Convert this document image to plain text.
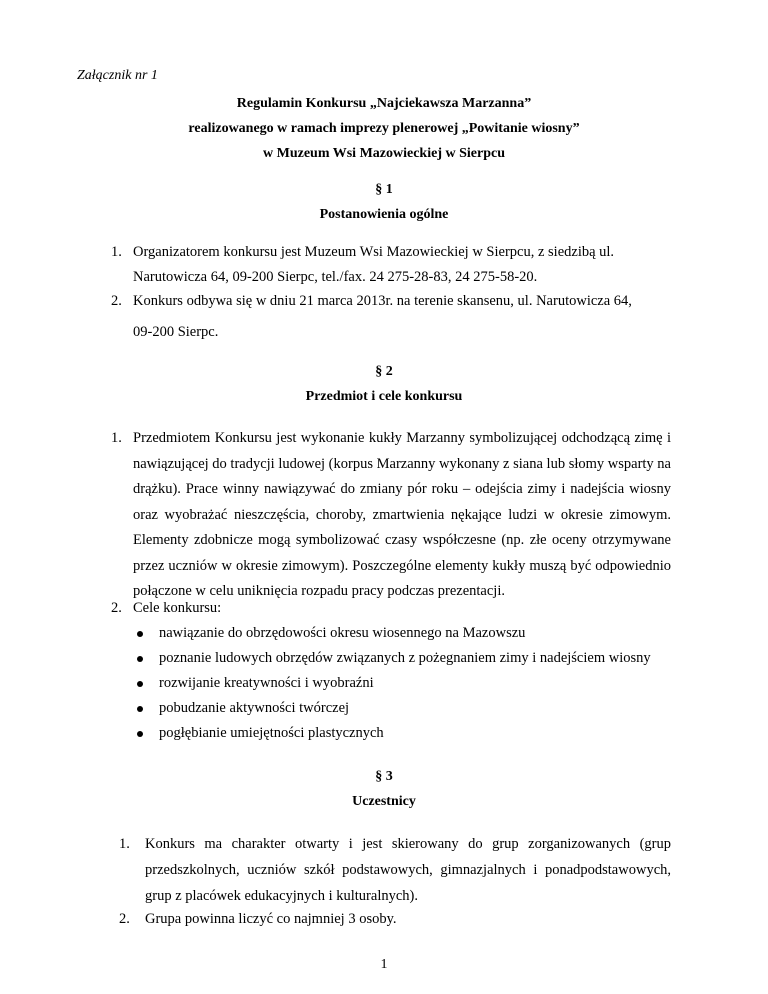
Załącznik nr 1
Regulamin Konkursu „Najciekawsza Marzanna”
realizowanego w ramach imprezy plenerowej „Powitanie wiosny”
w Muzeum Wsi Mazowieckiej w Sierpcu
§ 1
Postanowienia ogólne
1. Organizatorem konkursu jest Muzeum Wsi Mazowieckiej w Sierpcu, z siedzibą ul. Narutowicza 64, 09-200 Sierpc, tel./fax. 24 275-28-83, 24 275-58-20.
2. Konkurs odbywa się w dniu 21 marca 2013r. na terenie skansenu, ul. Narutowicza 64,
09-200 Sierpc.
§ 2
Przedmiot i cele konkursu
1. Przedmiotem Konkursu jest wykonanie kukły Marzanny symbolizującej odchodzącą zimę i nawiązującej do tradycji ludowej (korpus Marzanny wykonany z siana lub słomy wsparty na drążku). Prace winny nawiązywać do zmiany pór roku – odejścia zimy i nadejścia wiosny oraz wyobrażać nieszczęścia, choroby, zmartwienia nękające ludzi w okresie zimowym. Elementy zdobnicze mogą symbolizować czasy współczesne (np. złe oceny otrzymywane przez uczniów w okresie zimowym). Poszczególne elementy kukły muszą być odpowiednio połączone w celu uniknięcia rozpadu pracy podczas prezentacji.
2. Cele konkursu:
nawiązanie do obrzędowości okresu wiosennego na Mazowszu
poznanie ludowych obrzędów związanych z pożegnaniem zimy i nadejściem wiosny
rozwijanie kreatywności i wyobraźni
pobudzanie aktywności twórczej
pogłębianie umiejętności plastycznych
§ 3
Uczestnicy
1. Konkurs ma charakter otwarty i jest skierowany do grup zorganizowanych (grup przedszkolnych, uczniów szkół podstawowych, gimnazjalnych i ponadpodstawowych, grup z placówek edukacyjnych i kulturalnych).
2. Grupa powinna liczyć co najmniej 3 osoby.
1
